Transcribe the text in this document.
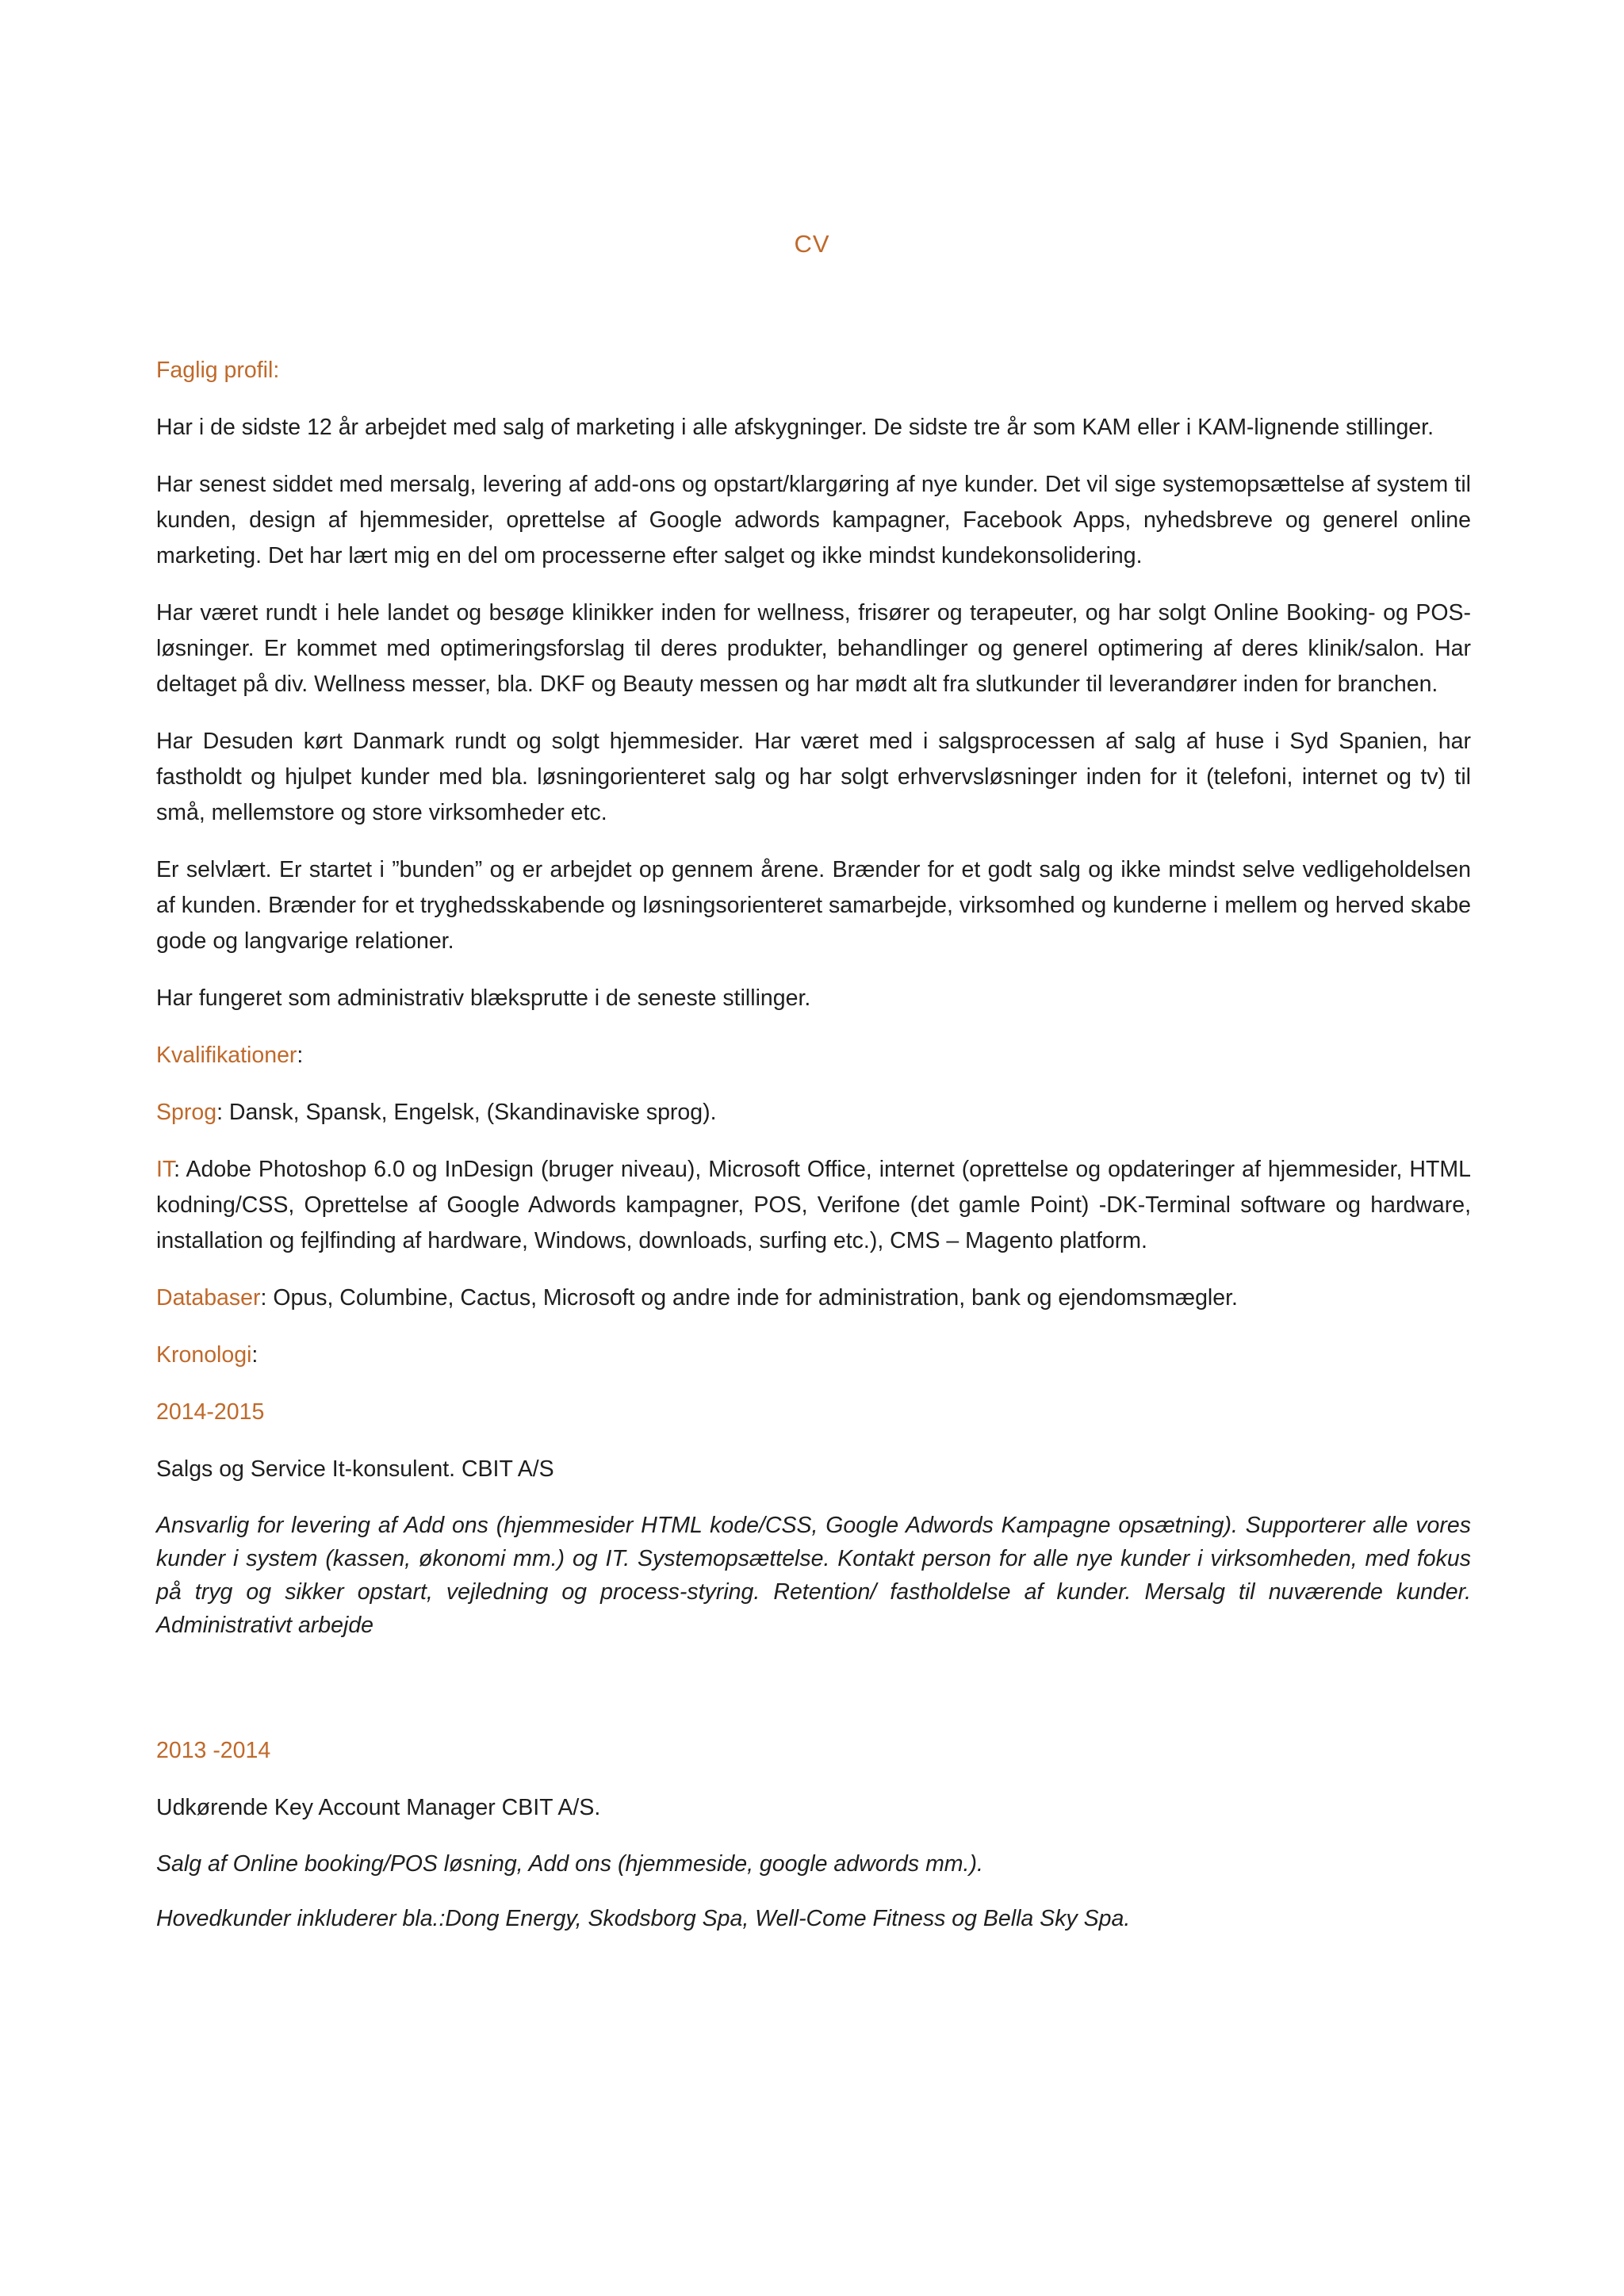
CV
Faglig profil:

Har i de sidste 12 år arbejdet med salg of marketing i alle afskygninger. De sidste tre år som KAM eller i KAM-lignende stillinger.

Har senest siddet med mersalg, levering af add-ons og opstart/klargøring af nye kunder. Det vil sige systemopsættelse af system til kunden, design af hjemmesider, oprettelse af Google adwords kampagner, Facebook Apps, nyhedsbreve og generel online marketing. Det har lært mig en del om processerne efter salget og ikke mindst kundekonsolidering.

Har været rundt i hele landet og besøge klinikker inden for wellness, frisører og terapeuter, og har solgt Online Booking- og POS-løsninger. Er kommet med optimeringsforslag til deres produkter, behandlinger og generel optimering af deres klinik/salon. Har deltaget på div. Wellness messer, bla. DKF og Beauty messen og har mødt alt fra slutkunder til leverandører inden for branchen.

Har Desuden kørt Danmark rundt og solgt hjemmesider. Har været med i salgsprocessen af salg af huse i Syd Spanien, har fastholdt og hjulpet kunder med bla. løsningorienteret salg og har solgt erhvervsløsninger inden for it (telefoni, internet og tv) til små, mellemstore og store virksomheder etc.

Er selvlært. Er startet i ”bunden” og er arbejdet op gennem årene. Brænder for et godt salg og ikke mindst selve vedligeholdelsen af kunden. Brænder for et tryghedsskabende og løsningsorienteret samarbejde, virksomhed og kunderne i mellem og herved skabe gode og langvarige relationer.

Har fungeret som administrativ blæksprutte i de seneste stillinger.

Kvalifikationer:

Sprog: Dansk, Spansk, Engelsk, (Skandinaviske sprog).

IT: Adobe Photoshop 6.0 og InDesign (bruger niveau), Microsoft Office, internet (oprettelse og opdateringer af hjemmesider, HTML kodning/CSS, Oprettelse af Google Adwords kampagner, POS, Verifone (det gamle Point) -DK-Terminal software og hardware, installation og fejlfinding af hardware, Windows, downloads, surfing etc.), CMS – Magento platform.

Databaser: Opus, Columbine, Cactus, Microsoft og andre inde for administration, bank og ejendomsmægler.

Kronologi:

2014-2015

Salgs og Service It-konsulent. CBIT A/S

Ansvarlig for levering af Add ons (hjemmesider HTML kode/CSS, Google Adwords Kampagne opsætning). Supporterer alle vores kunder i system (kassen, økonomi mm.) og IT. Systemopsættelse. Kontakt person for alle nye kunder i virksomheden, med fokus på tryg og sikker opstart, vejledning og process-styring. Retention/ fastholdelse af kunder. Mersalg til nuværende kunder. Administrativt arbejde

2013 -2014

Udkørende Key Account Manager CBIT A/S.

Salg af Online booking/POS løsning, Add ons (hjemmeside, google adwords mm.).

Hovedkunder inkluderer bla.:Dong Energy, Skodsborg Spa, Well-Come Fitness og Bella Sky Spa.
